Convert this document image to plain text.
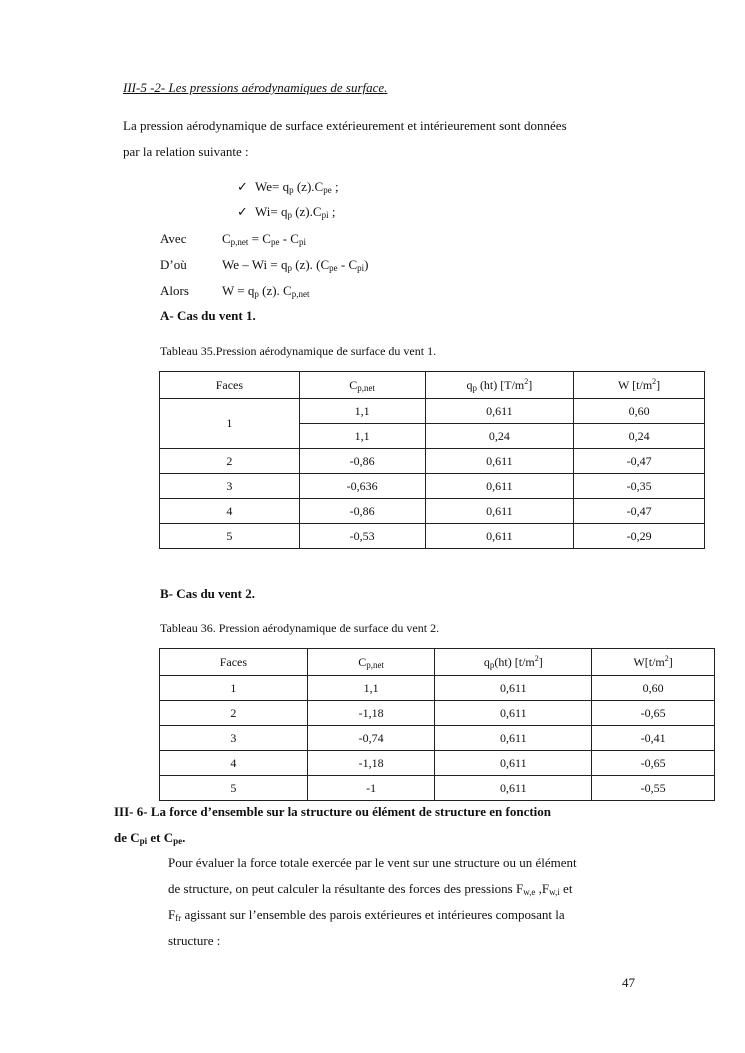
III-5 -2- Les pressions aérodynamiques de surface.
La pression aérodynamique de surface extérieurement et intérieurement sont données
par la relation suivante :
✓ $We= q_p$ $(z).C_{pe}$ ;
✓ $Wi= q_p$ $(z).C_{pi}$ ;
Avec	$C_{p,net} = C_{pe} - C_{pi}$
D’où	$We - Wi = q_p$ (z). $(C_{pe} - C_{pi})$
Alors	$W = q_p$ (z). $C_{p,net}$
A- Cas du vent 1.
Tableau 35.Pression aérodynamique de surface du vent 1.
Faces	$C_{p,net}$	$q_p$ (ht) $[T/m^2]$	W $[t/m^2]$
1	1,1	0,611	0,60
	1,1	0,24	0,24
2	-0,86	0,611	-0,47
3	-0,636	0,611	-0,35
4	-0,86	0,611	-0,47
5	-0,53	0,611	-0,29
B- Cas du vent 2.
Tableau 36. Pression aérodynamique de surface du vent 2.
Faces	$C_{p,net}$	$q_p(ht)$ $[t/m^2]$	$W[t/m^2]$
1	1,1	0,611	0,60
2	-1,18	0,611	-0,65
3	-0,74	0,611	-0,41
4	-1,18	0,611	-0,65
5	-1	0,611	-0,55
III- 6- La force d’ensemble sur la structure ou élément de structure en fonction
de $C_{pi}$ et $C_{pe}$.
Pour évaluer la force totale exercée par le vent sur une structure ou un élément
de structure, on peut calculer la résultante des forces des pressions $F_{w,e}$ $,F_{w,i}$ et
$F_{fr}$ agissant sur l’ensemble des parois extérieures et intérieures composant la
structure :
47
